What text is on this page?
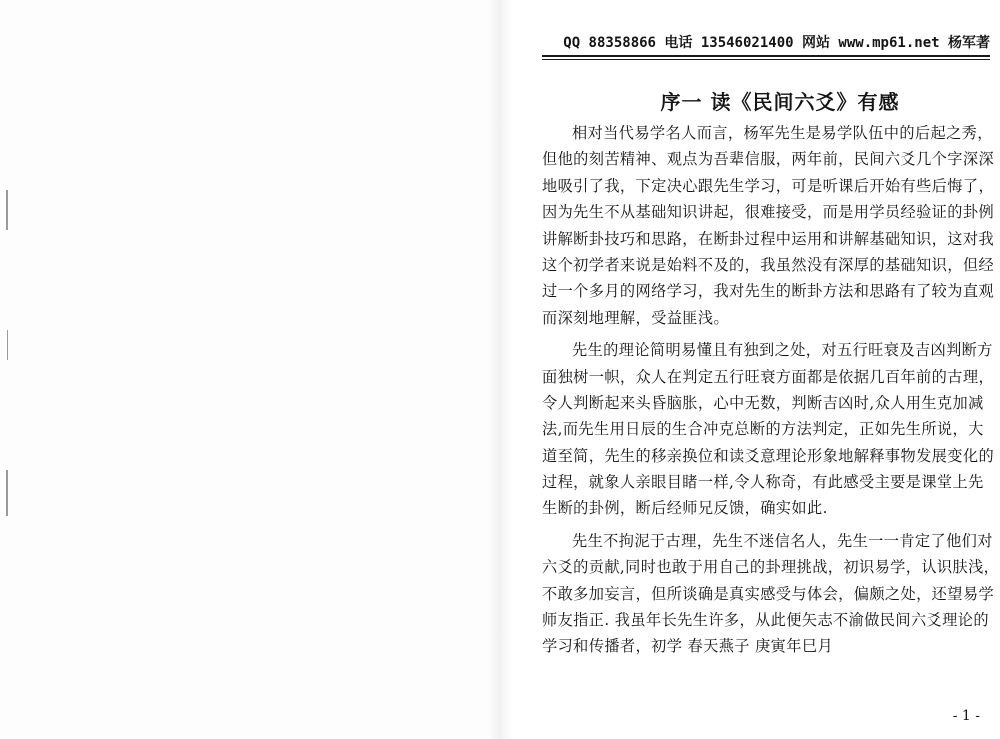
QQ 88358866 电话 13546021400 网站 www.mp61.net 杨军著
序一 读《民间六爻》有感
相对当代易学名人而言，杨军先生是易学队伍中的后起之秀，
但他的刻苦精神、观点为吾辈信服，两年前，民间六爻几个字深深
地吸引了我，下定决心跟先生学习，可是听课后开始有些后悔了，
因为先生不从基础知识讲起，很难接受，而是用学员经验证的卦例
讲解断卦技巧和思路，在断卦过程中运用和讲解基础知识，这对我
这个初学者来说是始料不及的，我虽然没有深厚的基础知识，但经
过一个多月的网络学习，我对先生的断卦方法和思路有了较为直观
而深刻地理解，受益匪浅。
先生的理论简明易懂且有独到之处，对五行旺衰及吉凶判断方
面独树一帜，众人在判定五行旺衰方面都是依据几百年前的古理，
令人判断起来头昏脑胀，心中无数，判断吉凶时,众人用生克加减
法,而先生用日辰的生合冲克总断的方法判定，正如先生所说，大
道至简，先生的移亲换位和读爻意理论形象地解释事物发展变化的
过程，就象人亲眼目睹一样,令人称奇，有此感受主要是课堂上先
生断的卦例，断后经师兄反馈，确实如此.
先生不拘泥于古理，先生不迷信名人，先生一一肯定了他们对
六爻的贡献,同时也敢于用自己的卦理挑战，初识易学，认识肤浅，
不敢多加妄言，但所谈确是真实感受与体会，偏颇之处，还望易学
师友指正. 我虽年长先生许多，从此便矢志不渝做民间六爻理论的
学习和传播者，初学 春天燕子 庚寅年巳月
- 1 -
